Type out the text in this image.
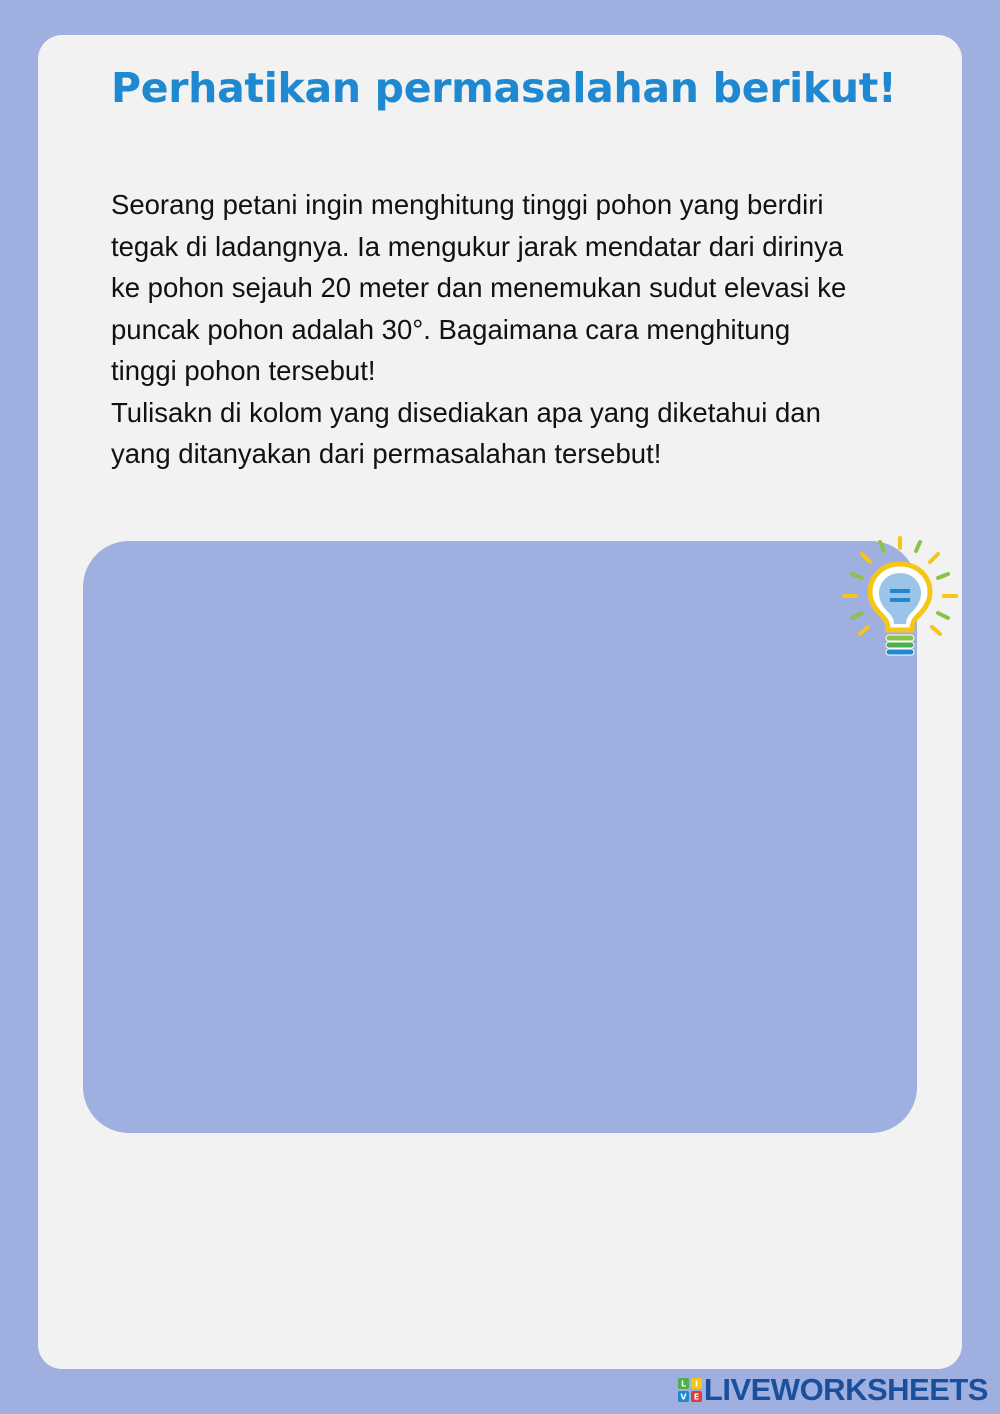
Perhatikan permasalahan berikut!

Seorang petani ingin menghitung tinggi pohon yang berdiri

tegak di ladangnya. Ia mengukur jarak mendatar dari dirinya

ke pohon sejauh 20 meter dan menemukan sudut elevasi ke

puncak pohon adalah 30°. Bagaimana cara menghitung

tinggi pohon tersebut!

Tulisakn di kolom yang disediakan apa yang diketahui dan

yang ditanyakan dari permasalahan tersebut!

L I
V E LIVEWORKSHEETS
